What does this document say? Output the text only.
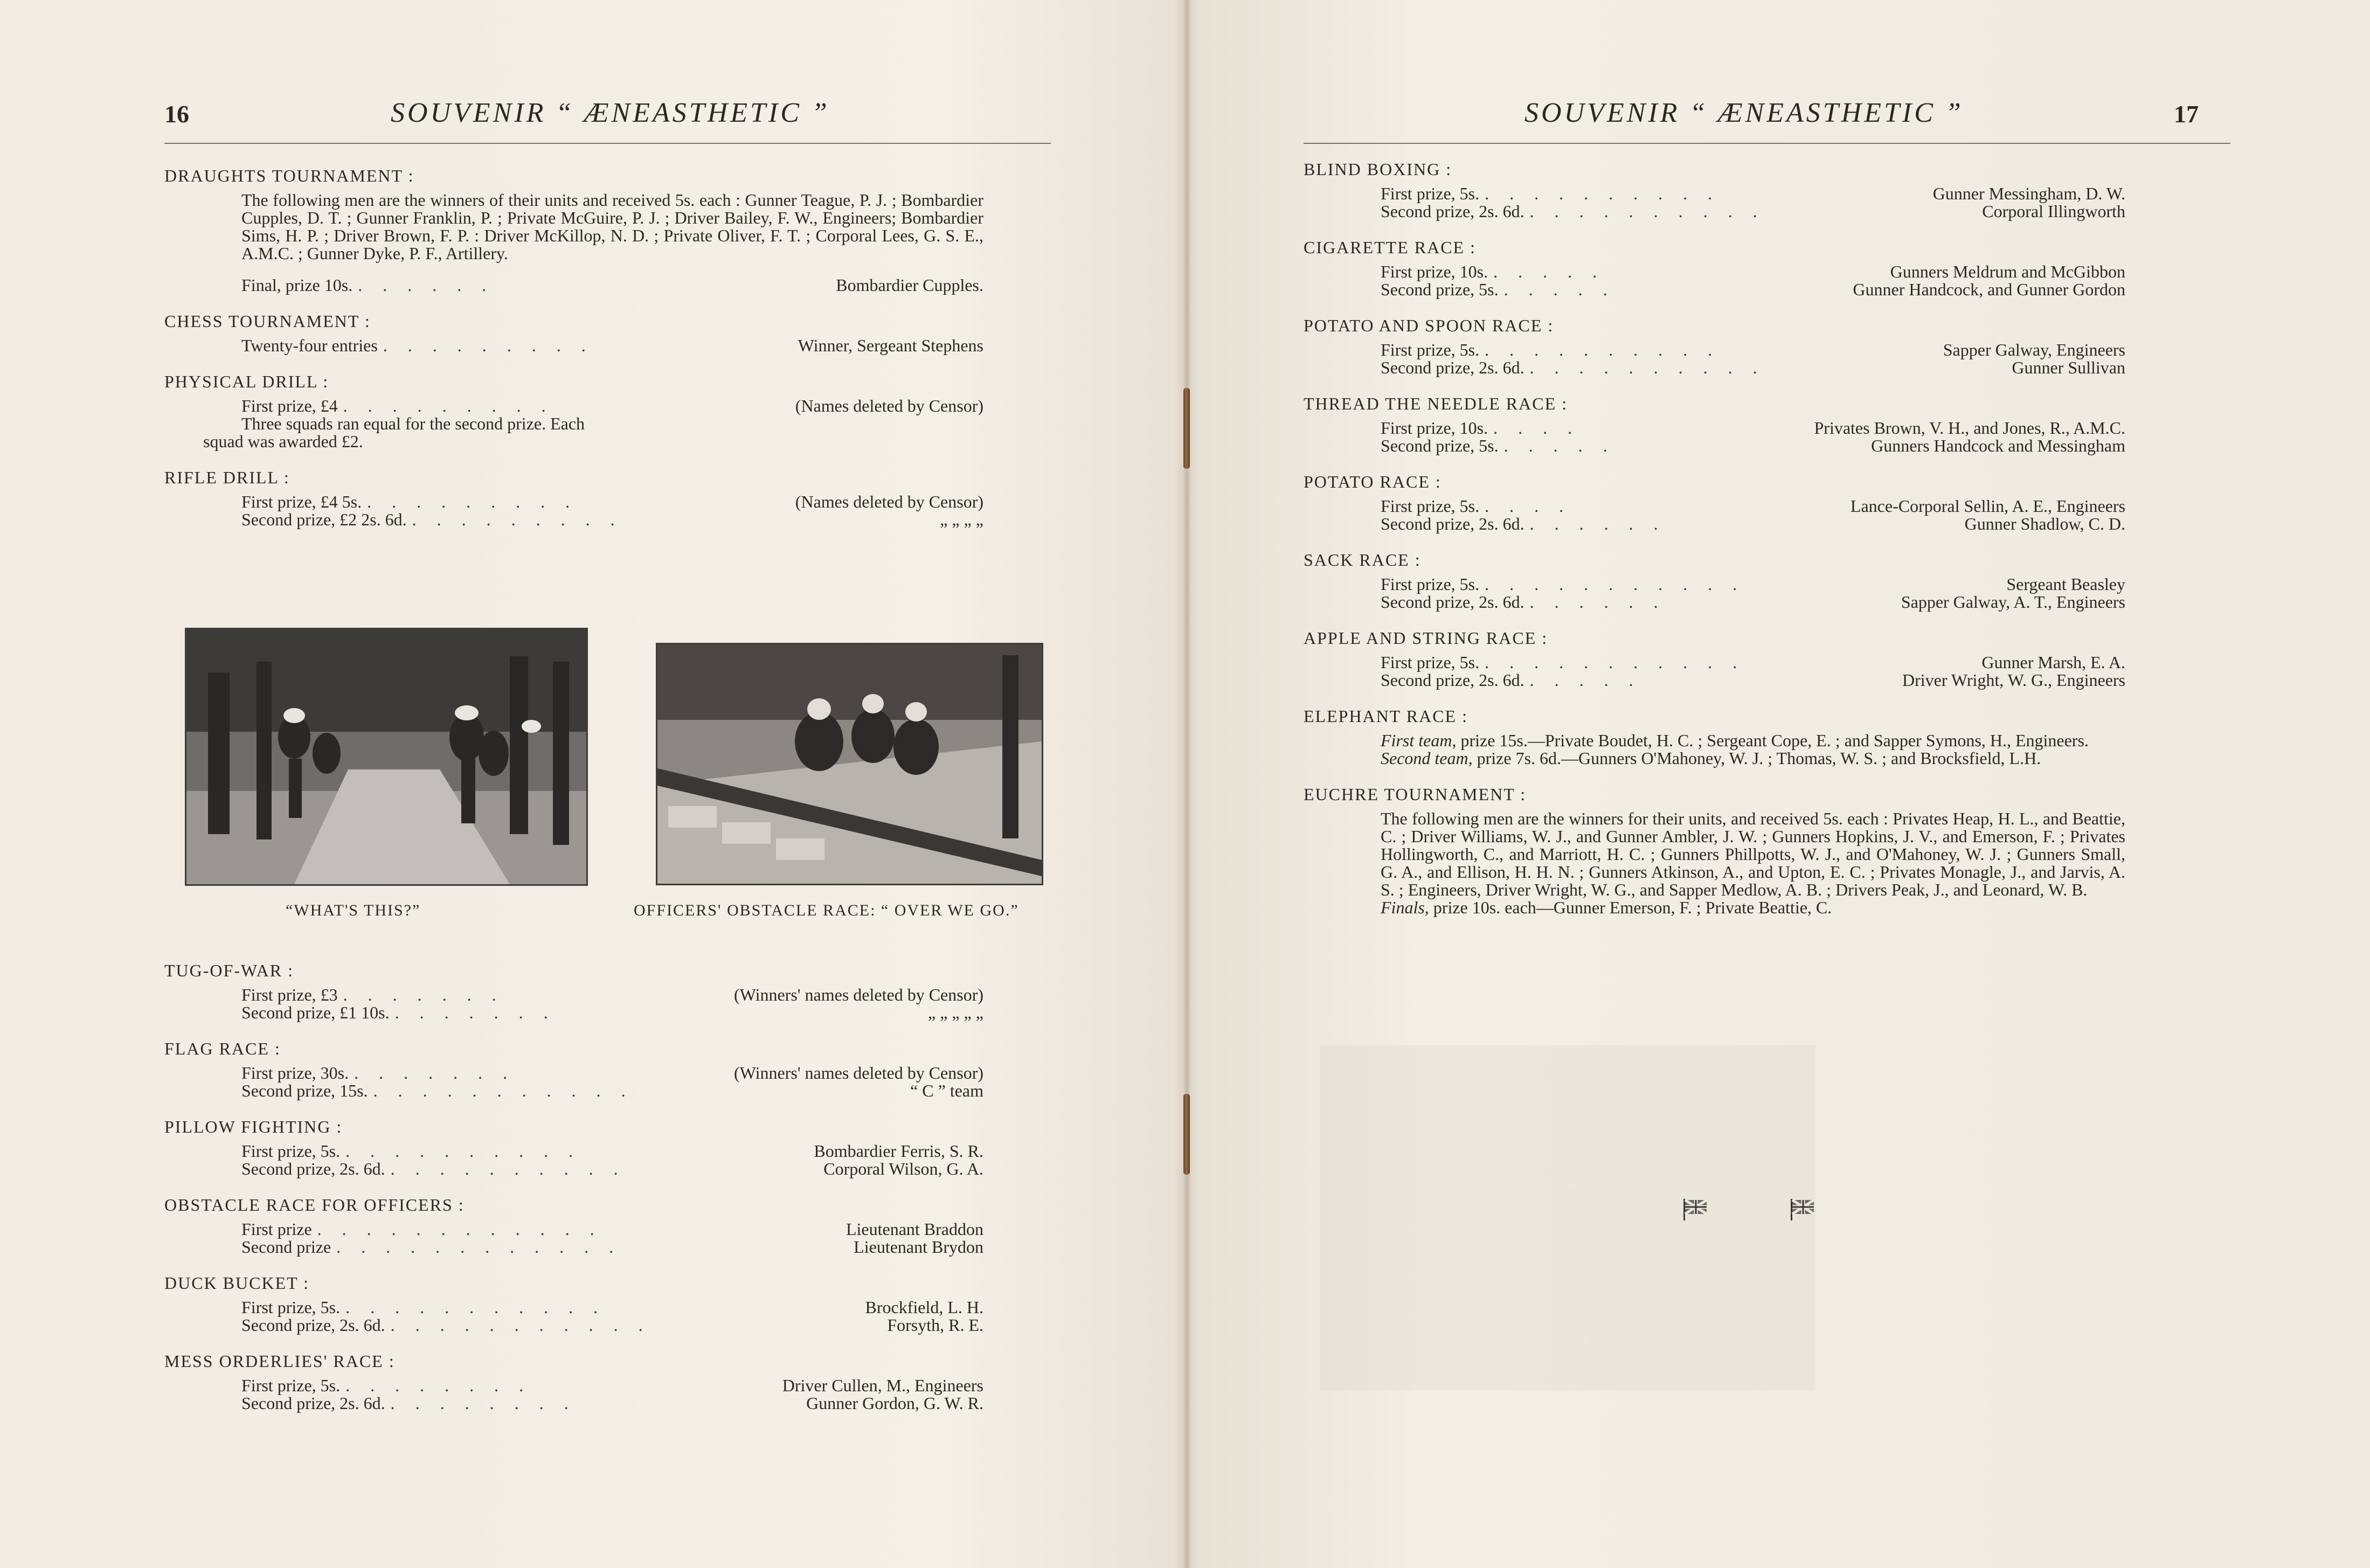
16	SOUVENIR “ ÆNEASTHETIC ”
DRAUGHTS TOURNAMENT :
The following men are the winners of their units and received 5s. each : Gunner Teague, P. J. ; Bombardier Cupples, D. T. ; Gunner Franklin, P. ; Private McGuire, P. J. ; Driver Bailey, F. W., Engineers; Bombardier Sims, H. P. ; Driver Brown, F. P. : Driver McKillop, N. D. ; Private Oliver, F. T. ; Corporal Lees, G. S. E., A.M.C. ; Gunner Dyke, P. F., Artillery.
Final, prize 10s. ......	Bombardier Cupples.
CHESS TOURNAMENT :
Twenty-four entries .........	Winner, Sergeant Stephens
PHYSICAL DRILL :
First prize, £4 .........	(Names deleted by Censor)
Three squads ran equal for the second prize. Each
squad was awarded £2.
RIFLE DRILL :
First prize, £4 5s. .........	(Names deleted by Censor)
Second prize, £2 2s. 6d. .........	„ „ „ „
“WHAT'S THIS?”	OFFICERS' OBSTACLE RACE: “ OVER WE GO.”
TUG-OF-WAR :
First prize, £3 .......	(Winners' names deleted by Censor)
Second prize, £1 10s. .......	„ „ „ „ „
FLAG RACE :
First prize, 30s. .......	(Winners' names deleted by Censor)
Second prize, 15s. ...........	“ C ” team
PILLOW FIGHTING :
First prize, 5s. ..........	Bombardier Ferris, S. R.
Second prize, 2s. 6d. ..........	Corporal Wilson, G. A.
OBSTACLE RACE FOR OFFICERS :
First prize ............	Lieutenant Braddon
Second prize ............	Lieutenant Brydon
DUCK BUCKET :
First prize, 5s. ...........	Brockfield, L. H.
Second prize, 2s. 6d. ...........	Forsyth, R. E.
MESS ORDERLIES' RACE :
First prize, 5s. ........	Driver Cullen, M., Engineers
Second prize, 2s. 6d. ........	Gunner Gordon, G. W. R.
SOUVENIR “ ÆNEASTHETIC ”	17
BLIND BOXING :
First prize, 5s. ..........	Gunner Messingham, D. W.
Second prize, 2s. 6d. ..........	Corporal Illingworth
CIGARETTE RACE :
First prize, 10s. .....	Gunners Meldrum and McGibbon
Second prize, 5s. .....	Gunner Handcock, and Gunner Gordon
POTATO AND SPOON RACE :
First prize, 5s. ..........	Sapper Galway, Engineers
Second prize, 2s. 6d. ..........	Gunner Sullivan
THREAD THE NEEDLE RACE :
First prize, 10s. ....	Privates Brown, V. H., and Jones, R., A.M.C.
Second prize, 5s. .....	Gunners Handcock and Messingham
POTATO RACE :
First prize, 5s. ....	Lance-Corporal Sellin, A. E., Engineers
Second prize, 2s. 6d. ......	Gunner Shadlow, C. D.
SACK RACE :
First prize, 5s. ...........	Sergeant Beasley
Second prize, 2s. 6d. ......	Sapper Galway, A. T., Engineers
APPLE AND STRING RACE :
First prize, 5s. ...........	Gunner Marsh, E. A.
Second prize, 2s. 6d. .....	Driver Wright, W. G., Engineers
ELEPHANT RACE :
First team, prize 15s.—Private Boudet, H. C. ; Sergeant Cope, E. ; and Sapper Symons, H., Engineers.
Second team, prize 7s. 6d.—Gunners O'Mahoney, W. J. ; Thomas, W. S. ; and Brocksfield, L.H.
EUCHRE TOURNAMENT :
The following men are the winners for their units, and received 5s. each : Privates Heap, H. L., and Beattie, C. ; Driver Williams, W. J., and Gunner Ambler, J. W. ; Gunners Hopkins, J. V., and Emerson, F. ; Privates Hollingworth, C., and Marriott, H. C. ; Gunners Phillpotts, W. J., and O'Mahoney, W. J. ; Gunners Small, G. A., and Ellison, H. H. N. ; Gunners Atkinson, A., and Upton, E. C. ; Privates Monagle, J., and Jarvis, A. S. ; Engineers, Driver Wright, W. G., and Sapper Medlow, A. B. ; Drivers Peak, J., and Leonard, W. B.
Finals, prize 10s. each—Gunner Emerson, F. ; Private Beattie, C.
